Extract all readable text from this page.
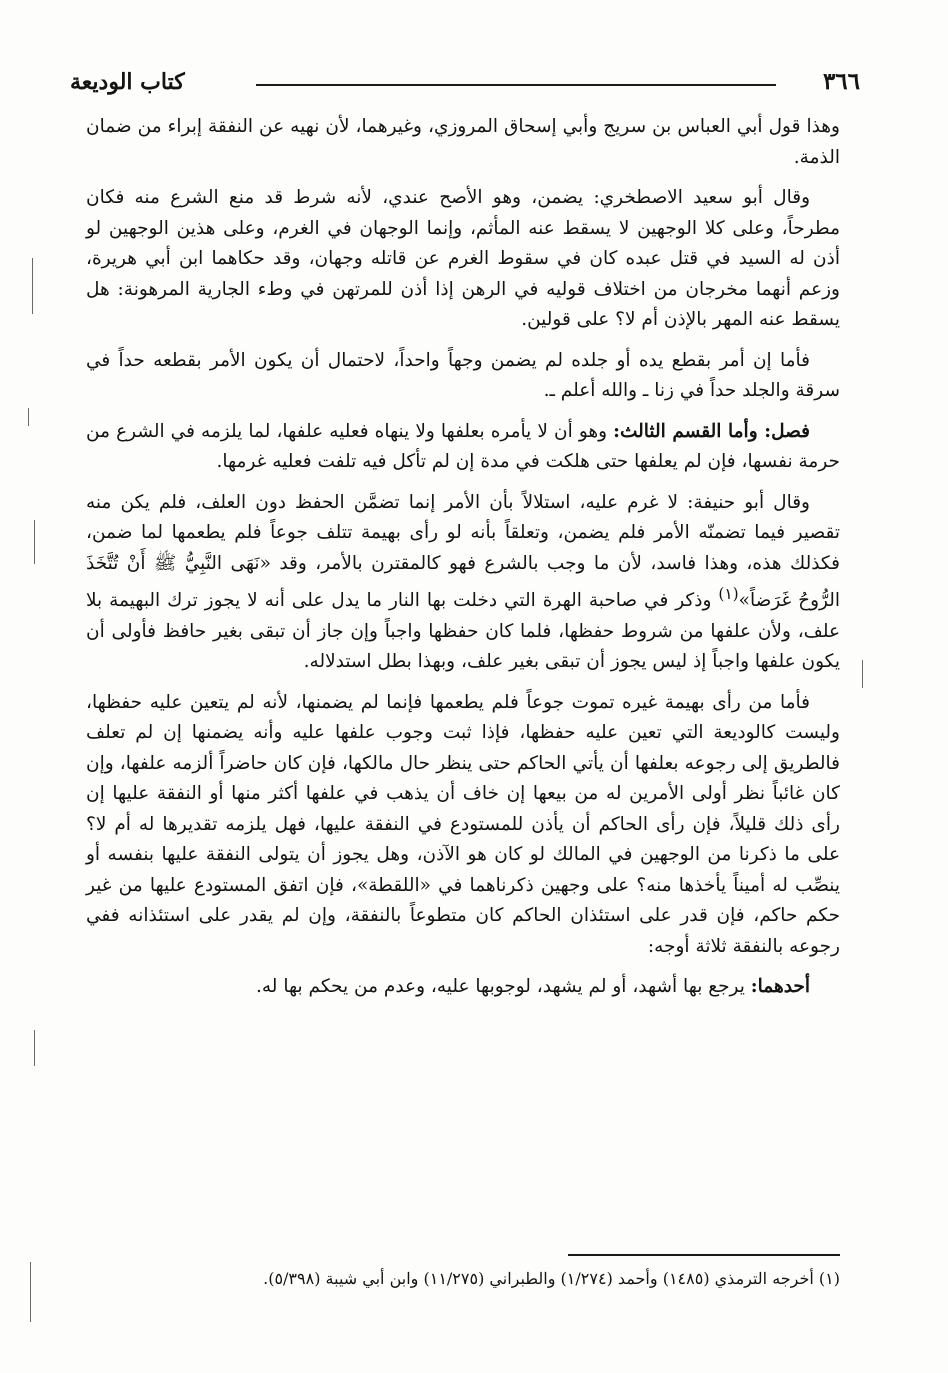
٣٦٦
كتاب الوديعة

وهذا قول أبي العباس بن سريج وأبي إسحاق المروزي، وغيرهما، لأن نهيه عن النفقة إبراء من ضمان الذمة.

وقال أبو سعيد الاصطخري: يضمن، وهو الأصح عندي، لأنه شرط قد منع الشرع منه فكان مطرحاً، وعلى كلا الوجهين لا يسقط عنه المأثم، وإنما الوجهان في الغرم، وعلى هذين الوجهين لو أذن له السيد في قتل عبده كان في سقوط الغرم عن قاتله وجهان، وقد حكاهما ابن أبي هريرة، وزعم أنهما مخرجان من اختلاف قوليه في الرهن إذا أذن للمرتهن في وطء الجارية المرهونة: هل يسقط عنه المهر بالإذن أم لا؟ على قولين.

فأما إن أمر بقطع يده أو جلده لم يضمن وجهاً واحداً، لاحتمال أن يكون الأمر بقطعه حداً في سرقة والجلد حداً في زنا ـ والله أعلم ـ.

فصل: وأما القسم الثالث: وهو أن لا يأمره بعلفها ولا ينهاه فعليه علفها، لما يلزمه في الشرع من حرمة نفسها، فإن لم يعلفها حتى هلكت في مدة إن لم تأكل فيه تلفت فعليه غرمها.

وقال أبو حنيفة: لا غرم عليه، استلالاً بأن الأمر إنما تضمَّن الحفظ دون العلف، فلم يكن منه تقصير فيما تضمنّه الأمر فلم يضمن، وتعلقاً بأنه لو رأى بهيمة تتلف جوعاً فلم يطعمها لما ضمن، فكذلك هذه، وهذا فاسد، لأن ما وجب بالشرع فهو كالمقترن بالأمر، وقد «نَهَى النَّبِيُّ ﷺ أَنْ تُتَّخَذَ الرُّوحُ غَرَضاً»$^{(١)}$ وذكر في صاحبة الهرة التي دخلت بها النار ما يدل على أنه لا يجوز ترك البهيمة بلا علف، ولأن علفها من شروط حفظها، فلما كان حفظها واجباً وإن جاز أن تبقى بغير حافظ فأولى أن يكون علفها واجباً إذ ليس يجوز أن تبقى بغير علف، وبهذا بطل استدلاله.

فأما من رأى بهيمة غيره تموت جوعاً فلم يطعمها فإنما لم يضمنها، لأنه لم يتعين عليه حفظها، وليست كالوديعة التي تعين عليه حفظها، فإذا ثبت وجوب علفها عليه وأنه يضمنها إن لم تعلف فالطريق إلى رجوعه بعلفها أن يأتي الحاكم حتى ينظر حال مالكها، فإن كان حاضراً ألزمه علفها، وإن كان غائباً نظر أولى الأمرين له من بيعها إن خاف أن يذهب في علفها أكثر منها أو النفقة عليها إن رأى ذلك قليلاً، فإن رأى الحاكم أن يأذن للمستودع في النفقة عليها، فهل يلزمه تقديرها له أم لا؟ على ما ذكرنا من الوجهين في المالك لو كان هو الآذن، وهل يجوز أن يتولى النفقة عليها بنفسه أو ينصِّب له أميناً يأخذها منه؟ على وجهين ذكرناهما في «اللقطة»، فإن اتفق المستودع عليها من غير حكم حاكم، فإن قدر على استئذان الحاكم كان متطوعاً بالنفقة، وإن لم يقدر على استئذانه ففي رجوعه بالنفقة ثلاثة أوجه:

أحدهما: يرجع بها أشهد، أو لم يشهد، لوجوبها عليه، وعدم من يحكم بها له.

(١) أخرجه الترمذي (١٤٨٥) وأحمد (١/٢٧٤) والطبراني (١١/٢٧٥) وابن أبي شيبة (٥/٣٩٨).
